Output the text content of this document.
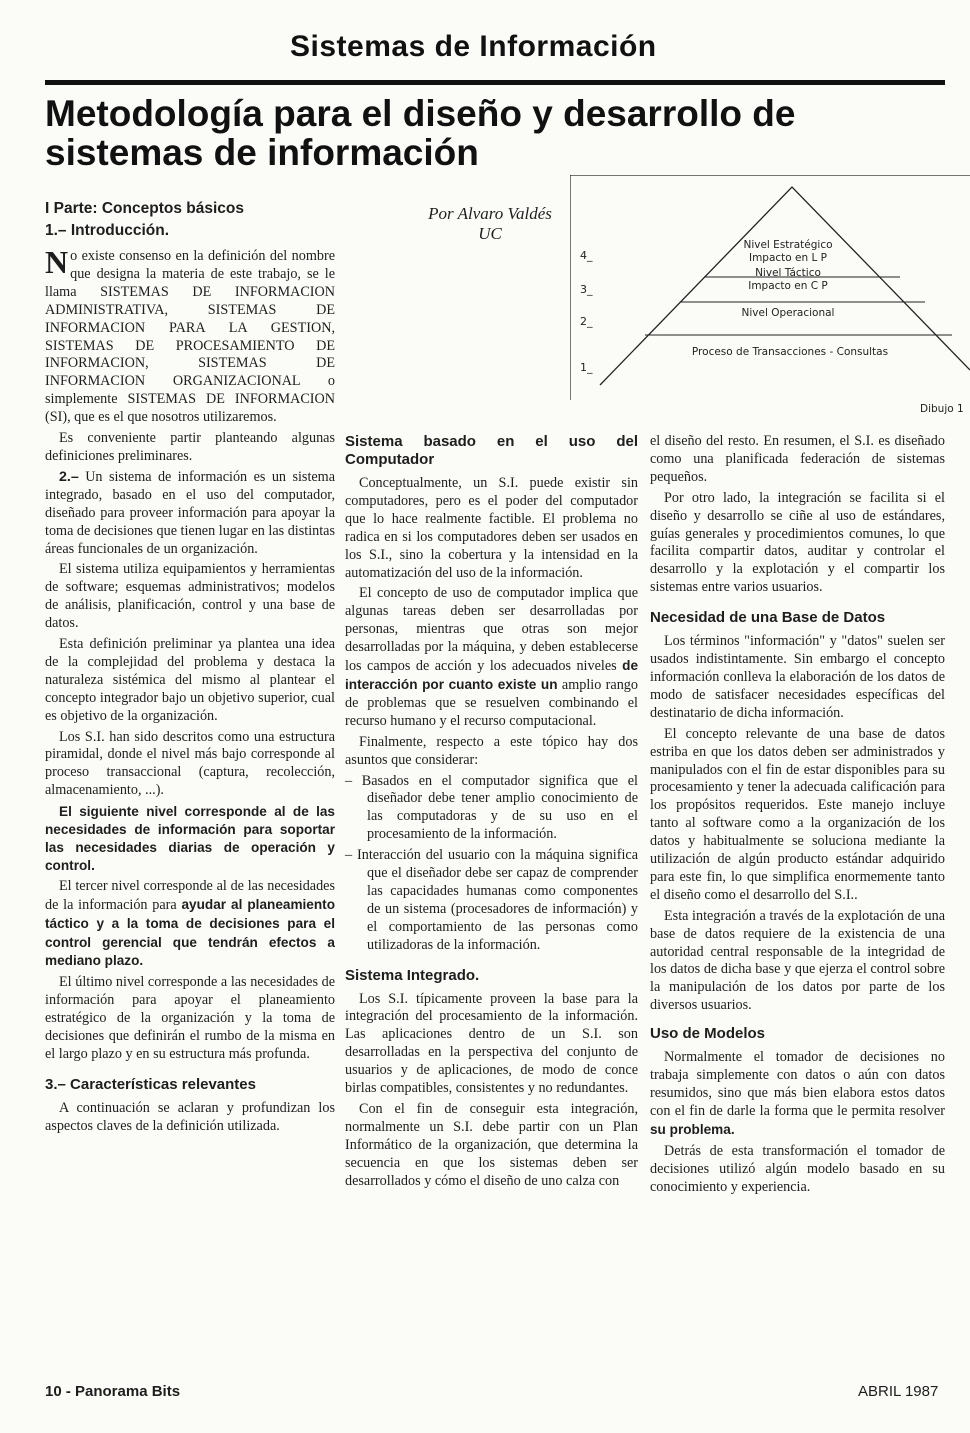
Sistemas de Información
Metodología para el diseño y desarrollo de
sistemas de información
Por Alvaro Valdés
UC
4_
3_
2_
1_
Nivel Estratégico
Impacto en L P
Nivel Táctico
Impacto en C P
Nivel Operacional
Proceso de Transacciones - Consultas
Dibujo 1
I Parte: Conceptos básicos
1.– Introducción.

No existe consenso en la definición del nombre que designa la materia de este trabajo, se le llama SISTEMAS DE INFORMACION ADMINISTRATIVA, SISTEMAS DE INFORMACION PARA LA GESTION, SISTEMAS DE PROCESAMIENTO DE INFORMACION, SISTEMAS DE INFORMACION ORGANIZACIONAL o simplemente SISTEMAS DE INFORMACION (SI), que es el que nosotros utilizaremos.

Es conveniente partir planteando algunas definiciones preliminares.

2.– Un sistema de información es un sistema integrado, basado en el uso del computador, diseñado para proveer información para apoyar la toma de decisiones que tienen lugar en las distintas áreas funcionales de un organización.

El sistema utiliza equipamientos y herramientas de software; esquemas administrativos; modelos de análisis, planificación, control y una base de datos.

Esta definición preliminar ya plantea una idea de la complejidad del problema y destaca la naturaleza sistémica del mismo al plantear el concepto integrador bajo un objetivo superior, cual es objetivo de la organización.

Los S.I. han sido descritos como una estructura piramidal, donde el nivel más bajo corresponde al proceso transaccional (captura, recolección, almacenamiento, ...).

El siguiente nivel corresponde al de las necesidades de información para soportar las necesidades diarias de operación y control.

El tercer nivel corresponde al de las necesidades de la información para ayudar al planeamiento táctico y a la toma de decisiones para el control gerencial que tendrán efectos a mediano plazo.

El último nivel corresponde a las necesidades de información para apoyar el planeamiento estratégico de la organización y la toma de decisiones que definirán el rumbo de la misma en el largo plazo y en su estructura más profunda.

3.– Características relevantes

A continuación se aclaran y profundizan los aspectos claves de la definición utilizada.

Sistema basado en el uso del Computador

Conceptualmente, un S.I. puede existir sin computadores, pero es el poder del computador que lo hace realmente factible. El problema no radica en si los computadores deben ser usados en los S.I., sino la cobertura y la intensidad en la automatización del uso de la información.

El concepto de uso de computador implica que algunas tareas deben ser desarrolladas por personas, mientras que otras son mejor desarrolladas por la máquina, y deben establecerse los campos de acción y los adecuados niveles de interacción por cuanto existe un amplio rango de problemas que se resuelven combinando el recurso humano y el recurso computacional.

Finalmente, respecto a este tópico hay dos asuntos que considerar:

– Basados en el computador significa que el diseñador debe tener amplio conocimiento de las computadoras y de su uso en el procesamiento de la información.

– Interacción del usuario con la máquina significa que el diseñador debe ser capaz de comprender las capacidades humanas como componentes de un sistema (procesadores de información) y el comportamiento de las personas como utilizadoras de la información.

Sistema Integrado.

Los S.I. típicamente proveen la base para la integración del procesamiento de la información. Las aplicaciones dentro de un S.I. son desarrolladas en la perspectiva del conjunto de usuarios y de aplicaciones, de modo de conce birlas compatibles, consistentes y no redundantes.

Con el fin de conseguir esta integración, normalmente un S.I. debe partir con un Plan Informático de la organización, que determina la secuencia en que los sistemas deben ser desarrollados y cómo el diseño de uno calza con

el diseño del resto. En resumen, el S.I. es diseñado como una planificada federación de sistemas pequeños.

Por otro lado, la integración se facilita si el diseño y desarrollo se ciñe al uso de estándares, guías generales y procedimientos comunes, lo que facilita compartir datos, auditar y controlar el desarrollo y la explotación y el compartir los sistemas entre varios usuarios.

Necesidad de una Base de Datos

Los términos "información" y "datos" suelen ser usados indistintamente. Sin embargo el concepto información conlleva la elaboración de los datos de modo de satisfacer necesidades específicas del destinatario de dicha información.

El concepto relevante de una base de datos estriba en que los datos deben ser administrados y manipulados con el fin de estar disponibles para su procesamiento y tener la adecuada calificación para los propósitos requeridos. Este manejo incluye tanto al software como a la organización de los datos y habitualmente se soluciona mediante la utilización de algún producto estándar adquirido para este fin, lo que simplifica enormemente tanto el diseño como el desarrollo del S.I..

Esta integración a través de la explotación de una base de datos requiere de la existencia de una autoridad central responsable de la integridad de los datos de dicha base y que ejerza el control sobre la manipulación de los datos por parte de los diversos usuarios.

Uso de Modelos

Normalmente el tomador de decisiones no trabaja simplemente con datos o aún con datos resumidos, sino que más bien elabora estos datos con el fin de darle la forma que le permita resolver su problema.

Detrás de esta transformación el tomador de decisiones utilizó algún modelo basado en su conocimiento y experiencia.

10 - Panorama Bits	ABRIL 1987
